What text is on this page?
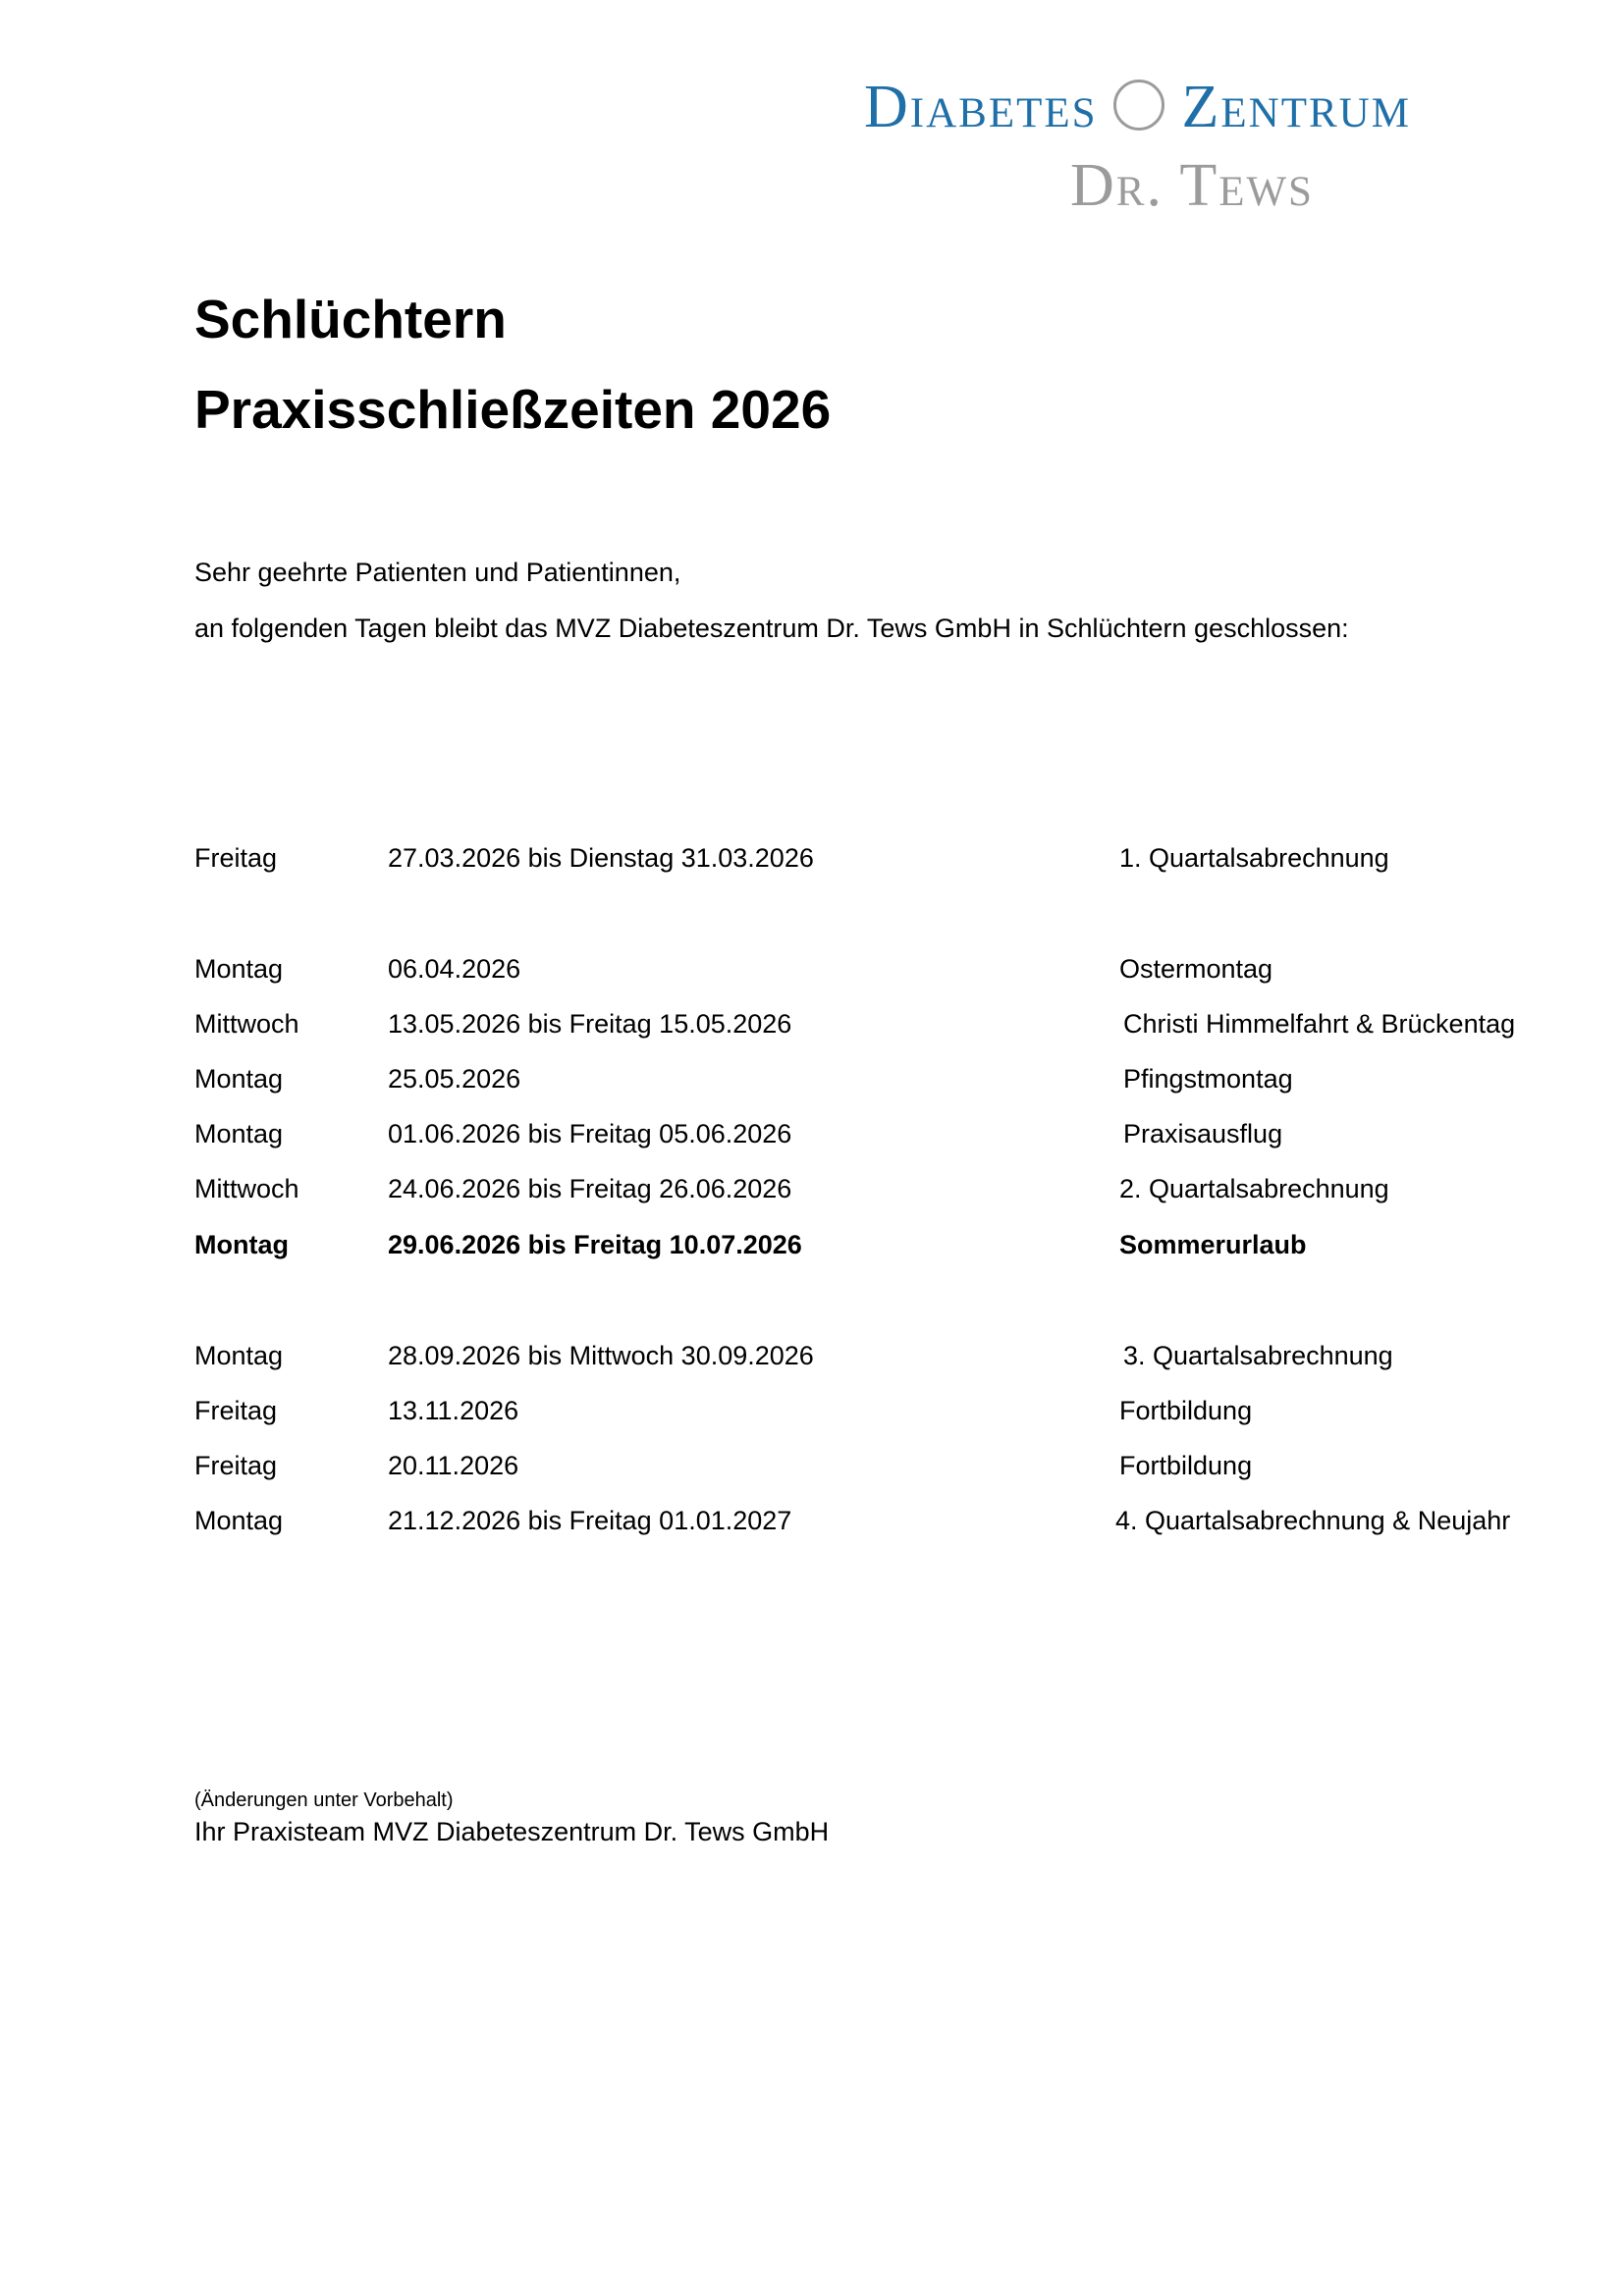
Diabetes Zentrum
Dr. Tews
Schlüchtern
Praxisschließzeiten 2026

Sehr geehrte Patienten und Patientinnen,

an folgenden Tagen bleibt das MVZ Diabeteszentrum Dr. Tews GmbH in Schlüchtern geschlossen:

Freitag	27.03.2026 bis Dienstag 31.03.2026	1. Quartalsabrechnung
Montag	06.04.2026	Ostermontag
Mittwoch	13.05.2026 bis Freitag 15.05.2026	Christi Himmelfahrt & Brückentag
Montag	25.05.2026	Pfingstmontag
Montag	01.06.2026 bis Freitag 05.06.2026	Praxisausflug
Mittwoch	24.06.2026 bis Freitag 26.06.2026	2. Quartalsabrechnung
Montag	29.06.2026 bis Freitag 10.07.2026	Sommerurlaub
Montag	28.09.2026 bis Mittwoch 30.09.2026	3. Quartalsabrechnung
Freitag	13.11.2026	Fortbildung
Freitag	20.11.2026	Fortbildung
Montag	21.12.2026 bis Freitag 01.01.2027	4. Quartalsabrechnung & Neujahr
(Änderungen unter Vorbehalt)
Ihr Praxisteam MVZ Diabeteszentrum Dr. Tews GmbH
